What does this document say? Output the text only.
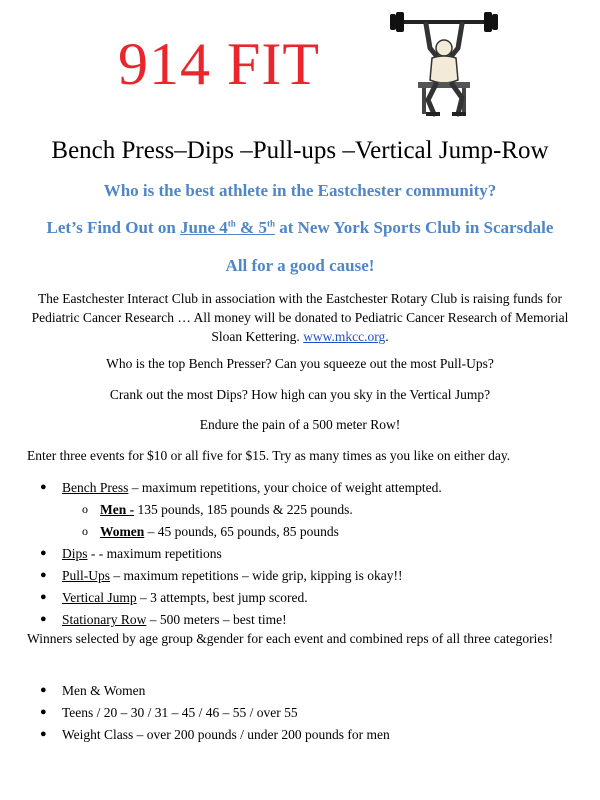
914 FIT
Bench Press–Dips –Pull-ups –Vertical Jump-Row
Who is the best athlete in the Eastchester community?
Let’s Find Out on June 4th & 5th at New York Sports Club in Scarsdale
All for a good cause!
The Eastchester Interact Club in association with the Eastchester Rotary Club is raising funds for Pediatric Cancer Research … All money will be donated to Pediatric Cancer Research of Memorial Sloan Kettering. www.mkcc.org.
Who is the top Bench Presser? Can you squeeze out the most Pull-Ups?
Crank out the most Dips? How high can you sky in the Vertical Jump?
Endure the pain of a 500 meter Row!
Enter three events for $10 or all five for $15. Try as many times as you like on either day.
● Bench Press – maximum repetitions, your choice of weight attempted.
o Men - 135 pounds, 185 pounds & 225 pounds.
o Women – 45 pounds, 65 pounds, 85 pounds
● Dips - - maximum repetitions
● Pull-Ups – maximum repetitions – wide grip, kipping is okay!!
● Vertical Jump – 3 attempts, best jump scored.
● Stationary Row – 500 meters – best time!
Winners selected by age group &gender for each event and combined reps of all three categories!
● Men & Women
● Teens / 20 – 30 / 31 – 45 / 46 – 55 / over 55
● Weight Class – over 200 pounds / under 200 pounds for men
